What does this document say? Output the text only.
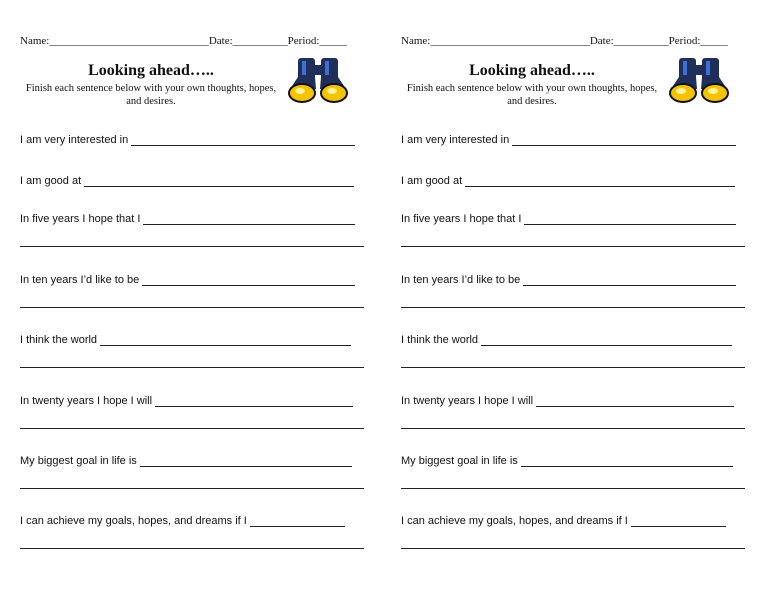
Name:_____________________________Date:__________Period:_____
Looking ahead…..
Finish each sentence below with your own thoughts, hopes, and desires.
I am very interested in
I am good at
In five years I hope that I
In ten years I’d like to be
I think the world
In twenty years I hope I will
My biggest goal in life is
I can achieve my goals, hopes, and dreams if I
Name:_____________________________Date:__________Period:_____
Looking ahead…..
Finish each sentence below with your own thoughts, hopes, and desires.
I am very interested in
I am good at
In five years I hope that I
In ten years I’d like to be
I think the world
In twenty years I hope I will
My biggest goal in life is
I can achieve my goals, hopes, and dreams if I
